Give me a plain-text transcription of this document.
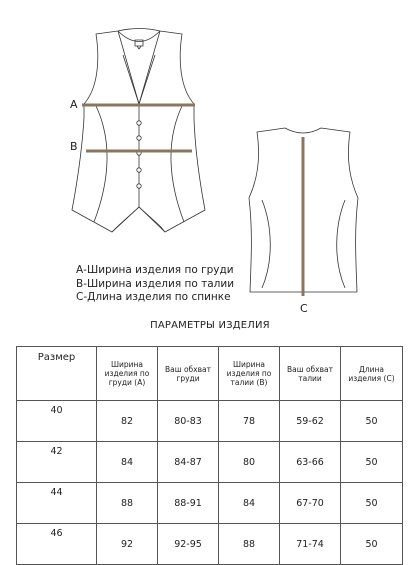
A
B
C
А-Ширина изделия по груди
В-Ширина изделия по талии
С-Длина изделия по спинке
ПАРАМЕТРЫ ИЗДЕЛИЯ
Размер	Ширина изделия по груди (А)	Ваш обхват груди	Ширина изделия по талии (В)	Ваш обхват талии	Длина изделия (С)
40	82	80-83	78	59-62	50
42	84	84-87	80	63-66	50
44	88	88-91	84	67-70	50
46	92	92-95	88	71-74	50
